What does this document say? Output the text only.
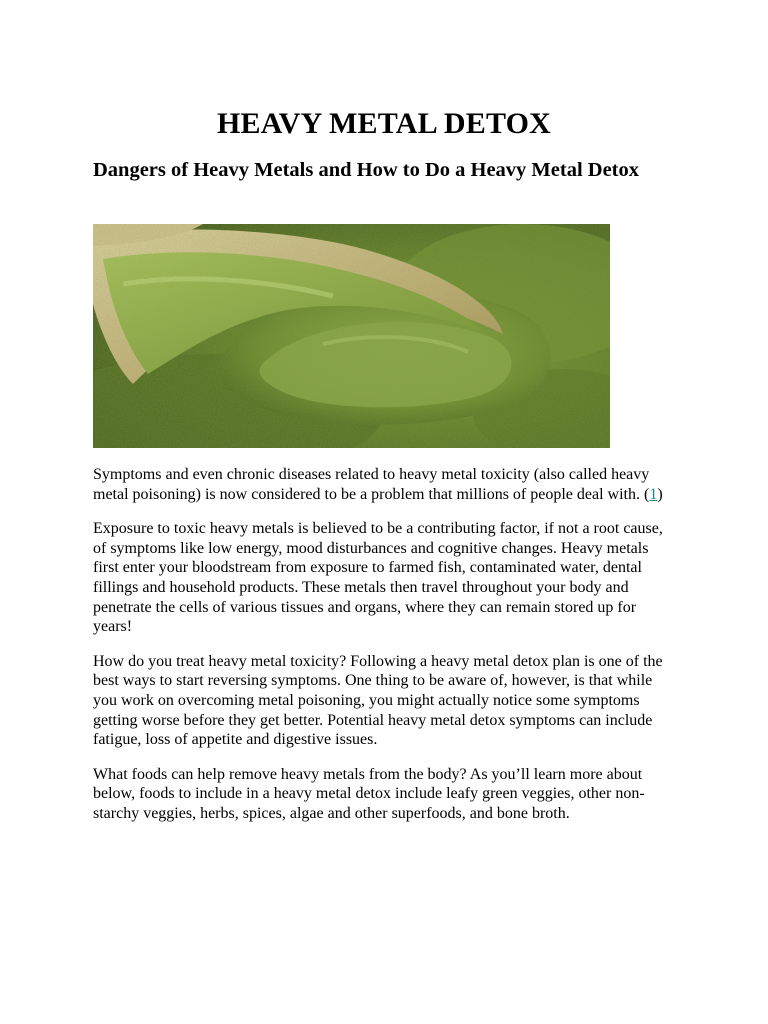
HEAVY METAL DETOX
Dangers of Heavy Metals and How to Do a Heavy Metal Detox

Symptoms and even chronic diseases related to heavy metal toxicity (also called heavy metal poisoning) is now considered to be a problem that millions of people deal with. (1)

Exposure to toxic heavy metals is believed to be a contributing factor, if not a root cause, of symptoms like low energy, mood disturbances and cognitive changes. Heavy metals first enter your bloodstream from exposure to farmed fish, contaminated water, dental fillings and household products. These metals then travel throughout your body and penetrate the cells of various tissues and organs, where they can remain stored up for years!

How do you treat heavy metal toxicity? Following a heavy metal detox plan is one of the best ways to start reversing symptoms. One thing to be aware of, however, is that while you work on overcoming metal poisoning, you might actually notice some symptoms getting worse before they get better. Potential heavy metal detox symptoms can include fatigue, loss of appetite and digestive issues.

What foods can help remove heavy metals from the body? As you’ll learn more about below, foods to include in a heavy metal detox include leafy green veggies, other non-starchy veggies, herbs, spices, algae and other superfoods, and bone broth.
